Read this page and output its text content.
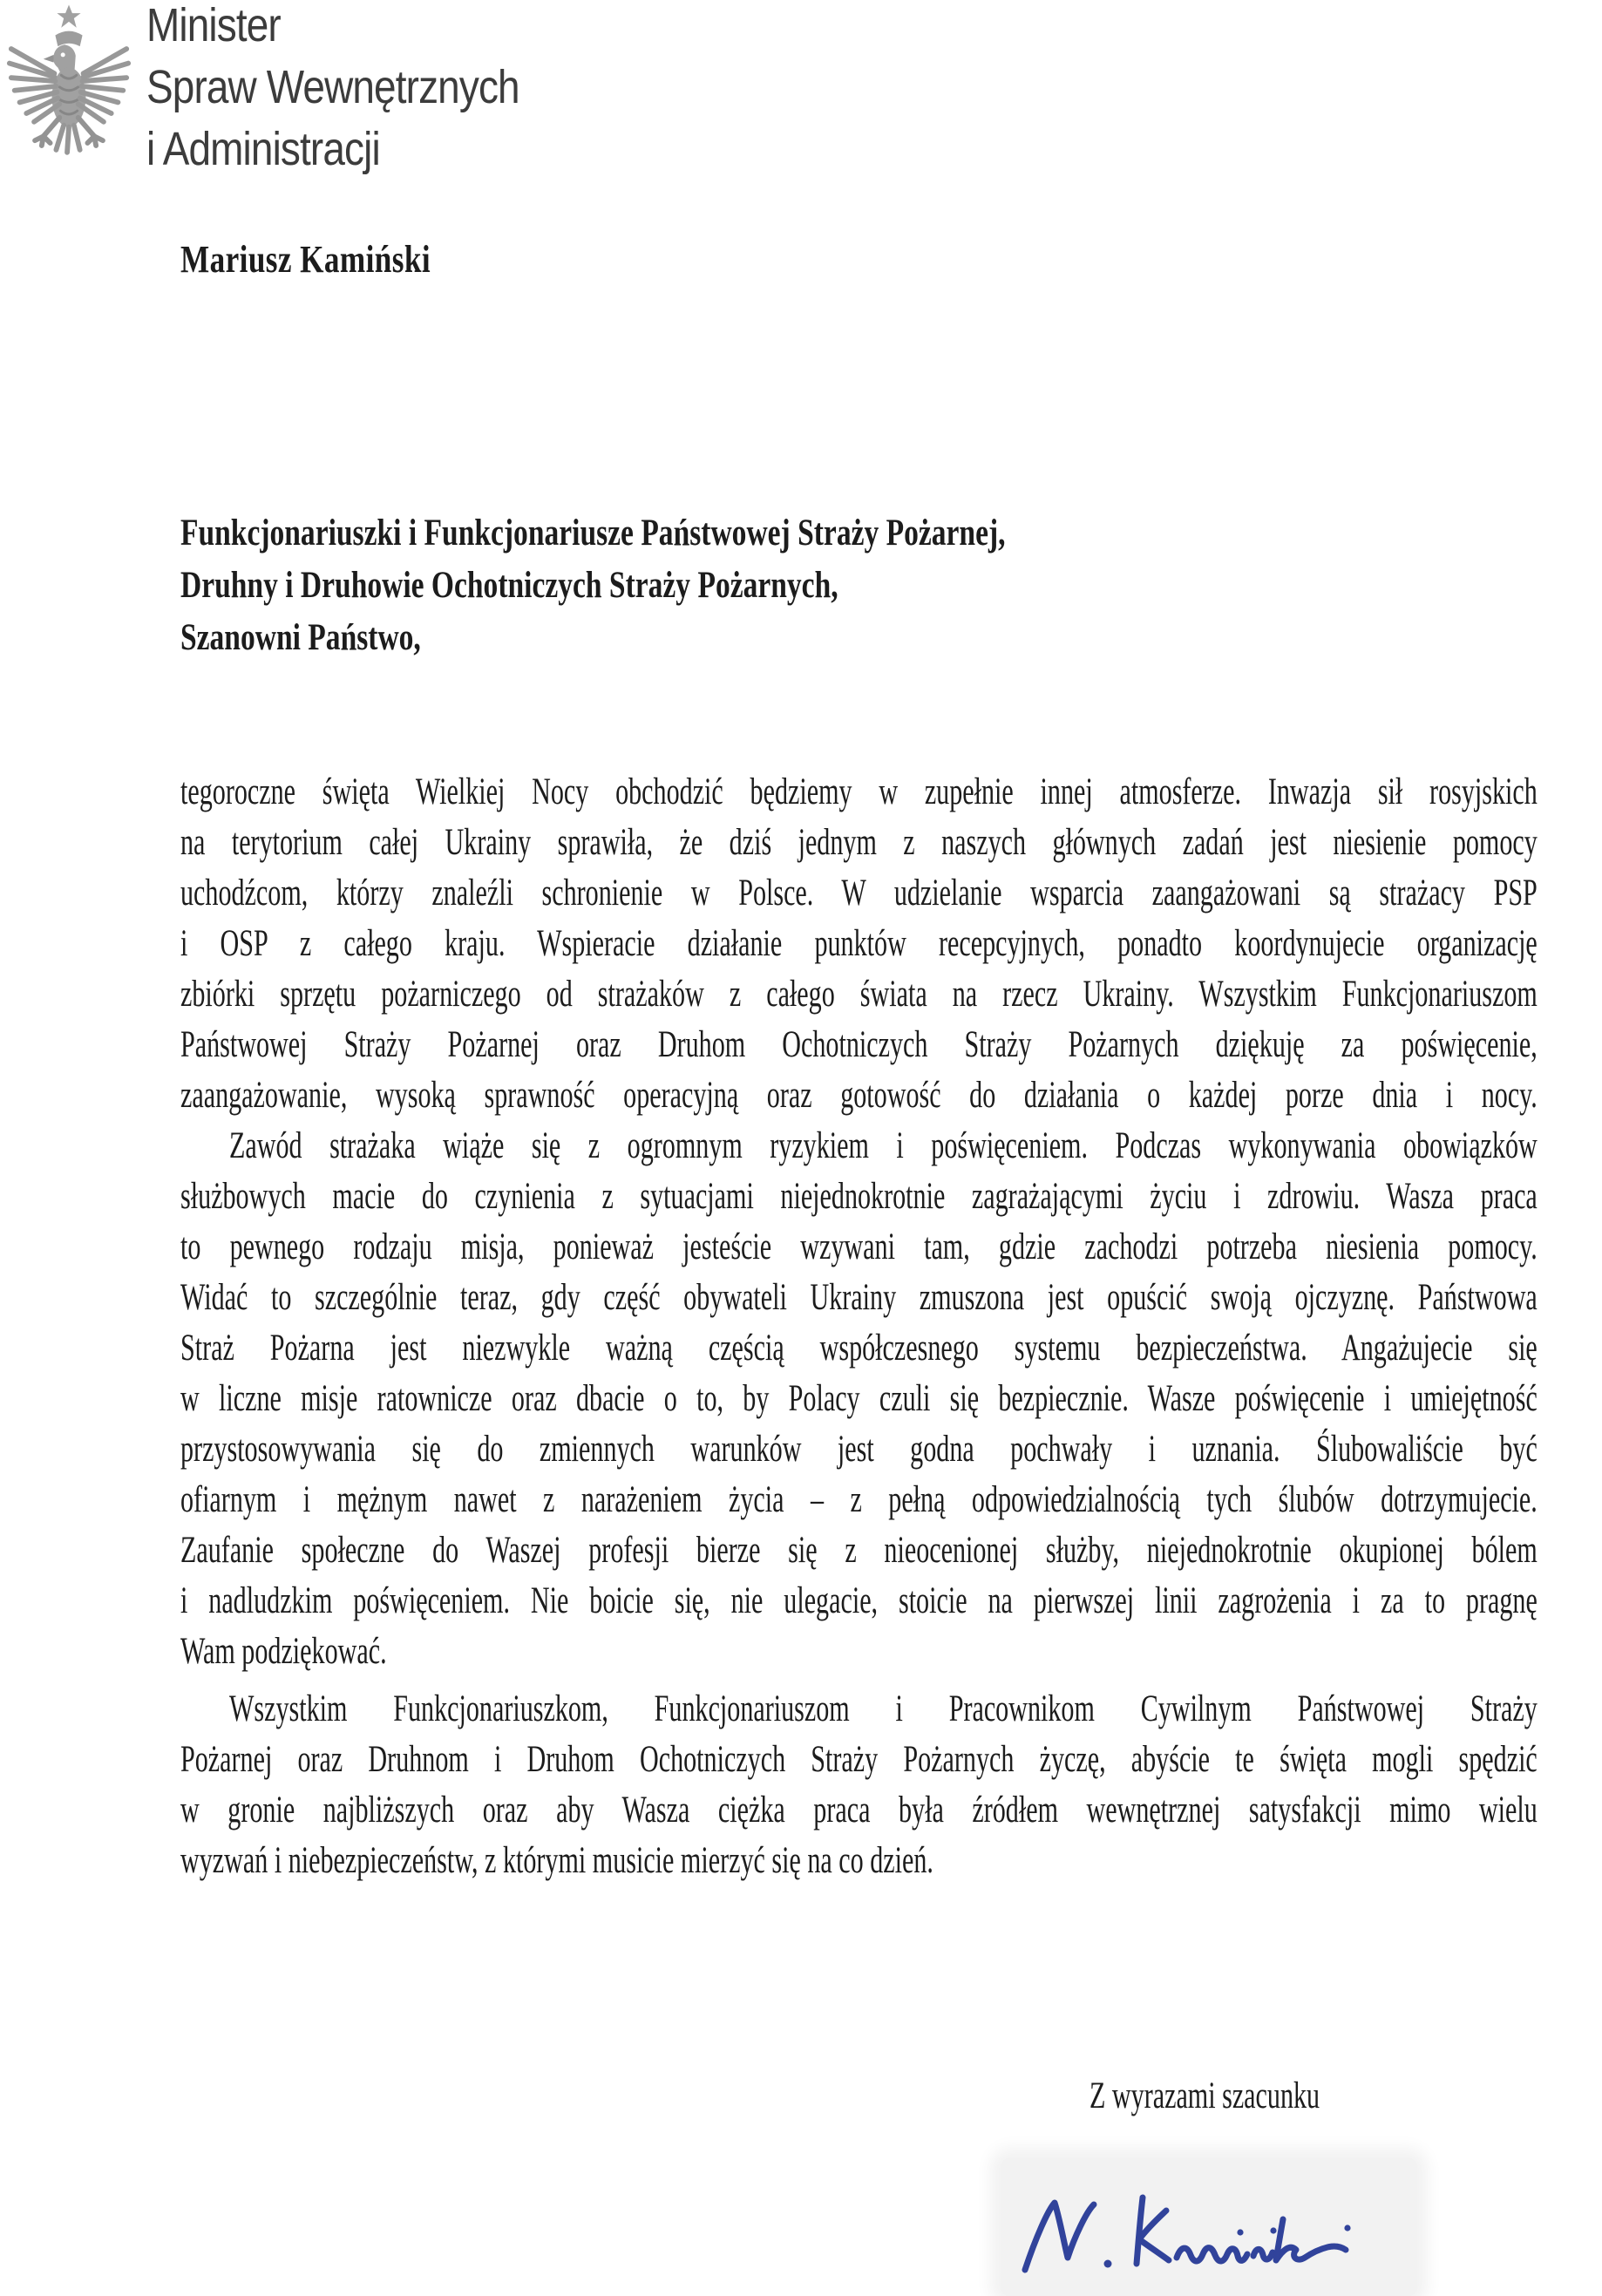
Minister
Spraw Wewnętrznych
i Administracji
Mariusz Kamiński
Funkcjonariuszki i Funkcjonariusze Państwowej Straży Pożarnej,
Druhny i Druhowie Ochotniczych Straży Pożarnych,
Szanowni Państwo,
tegoroczne święta Wielkiej Nocy obchodzić będziemy w zupełnie innej atmosferze. Inwazja sił rosyjskich
na terytorium całej Ukrainy sprawiła, że dziś jednym z naszych głównych zadań jest niesienie pomocy
uchodźcom, którzy znaleźli schronienie w Polsce. W udzielanie wsparcia zaangażowani są strażacy PSP
i OSP z całego kraju. Wspieracie działanie punktów recepcyjnych, ponadto koordynujecie organizację
zbiórki sprzętu pożarniczego od strażaków z całego świata na rzecz Ukrainy. Wszystkim Funkcjonariuszom
Państwowej Straży Pożarnej oraz Druhom Ochotniczych Straży Pożarnych dziękuję za poświęcenie,
zaangażowanie, wysoką sprawność operacyjną oraz gotowość do działania o każdej porze dnia i nocy.
Zawód strażaka wiąże się z ogromnym ryzykiem i poświęceniem. Podczas wykonywania obowiązków
służbowych macie do czynienia z sytuacjami niejednokrotnie zagrażającymi życiu i zdrowiu. Wasza praca
to pewnego rodzaju misja, ponieważ jesteście wzywani tam, gdzie zachodzi potrzeba niesienia pomocy.
Widać to szczególnie teraz, gdy część obywateli Ukrainy zmuszona jest opuścić swoją ojczyznę. Państwowa
Straż Pożarna jest niezwykle ważną częścią współczesnego systemu bezpieczeństwa. Angażujecie się
w liczne misje ratownicze oraz dbacie o to, by Polacy czuli się bezpiecznie. Wasze poświęcenie i umiejętność
przystosowywania się do zmiennych warunków jest godna pochwały i uznania. Ślubowaliście być
ofiarnym i mężnym nawet z narażeniem życia – z pełną odpowiedzialnością tych ślubów dotrzymujecie.
Zaufanie społeczne do Waszej profesji bierze się z nieocenionej służby, niejednokrotnie okupionej bólem
i nadludzkim poświęceniem. Nie boicie się, nie ulegacie, stoicie na pierwszej linii zagrożenia i za to pragnę
Wam podziękować.
Wszystkim Funkcjonariuszkom, Funkcjonariuszom i Pracownikom Cywilnym Państwowej Straży
Pożarnej oraz Druhnom i Druhom Ochotniczych Straży Pożarnych życzę, abyście te święta mogli spędzić
w gronie najbliższych oraz aby Wasza ciężka praca była źródłem wewnętrznej satysfakcji mimo wielu
wyzwań i niebezpieczeństw, z którymi musicie mierzyć się na co dzień.
Z wyrazami szacunku
